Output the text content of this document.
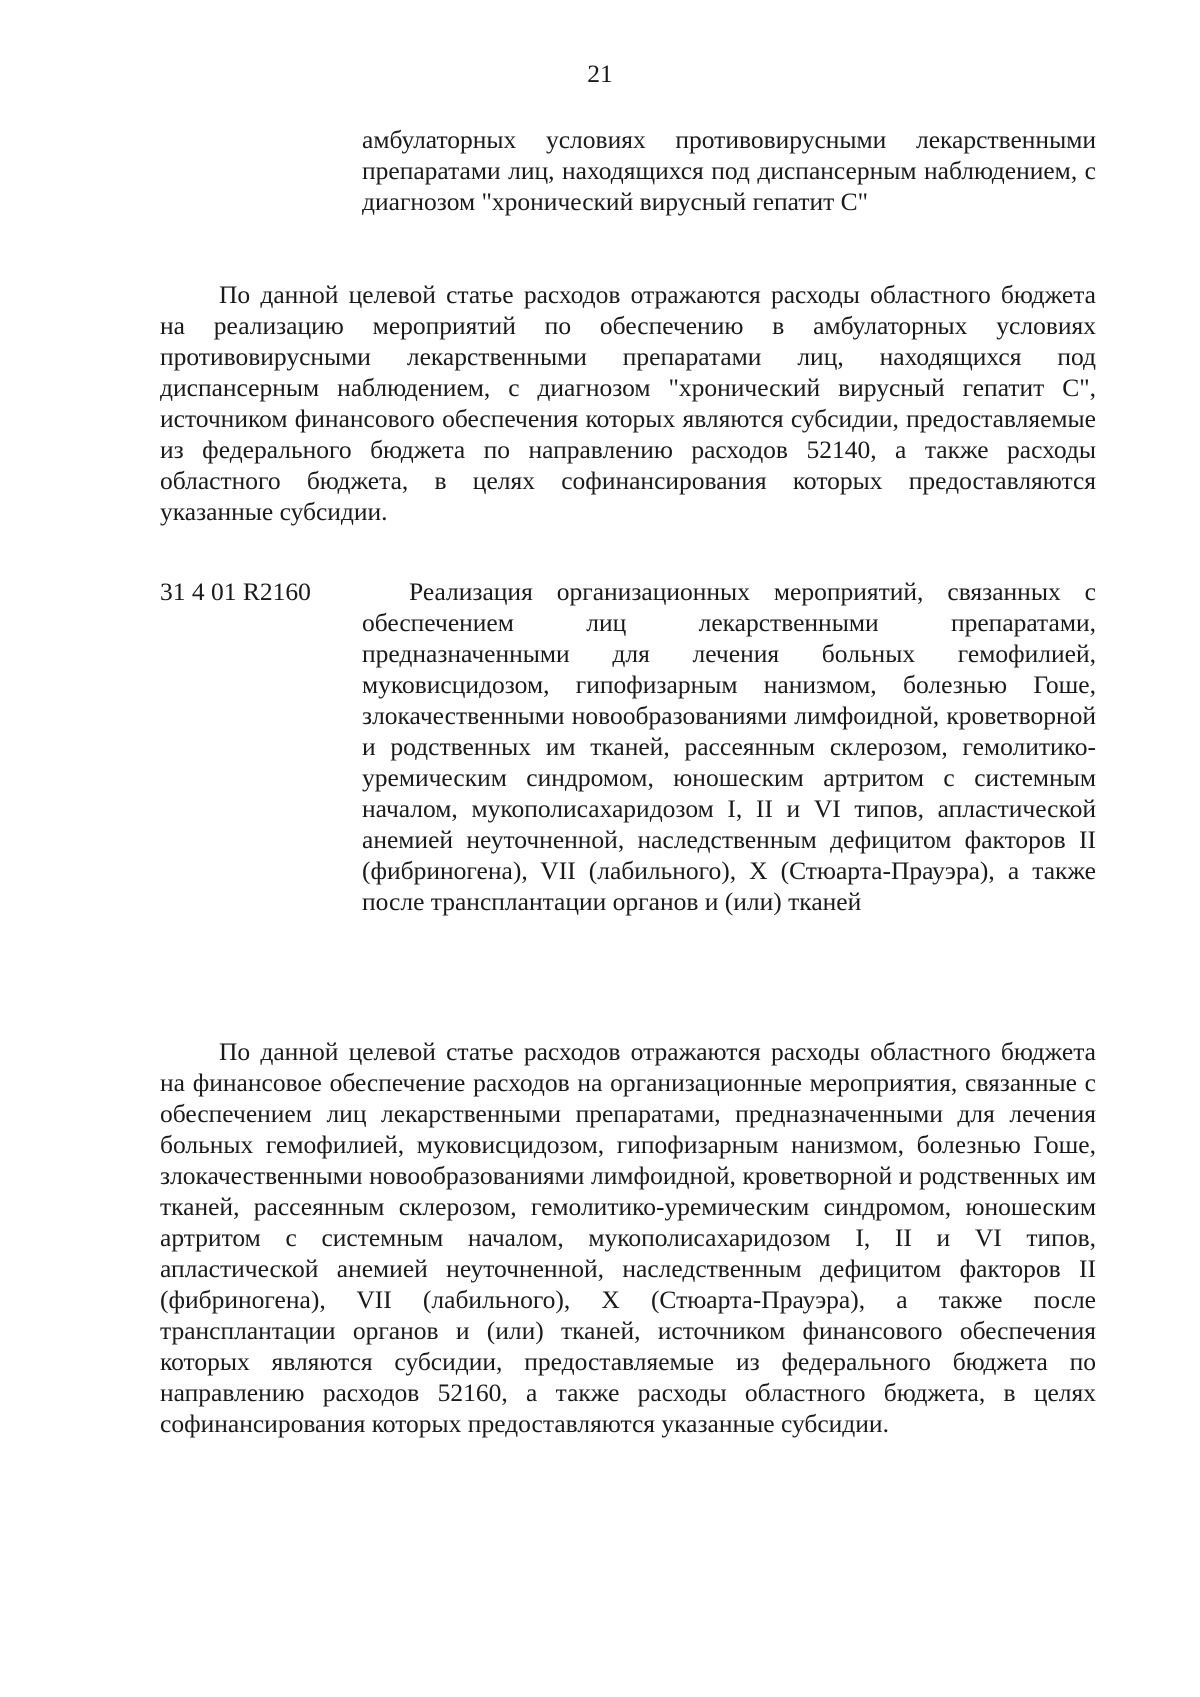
21

амбулаторных условиях противовирусными лекарственными препаратами лиц, находящихся под диспансерным наблюдением, с диагнозом "хронический вирусный гепатит С"

По данной целевой статье расходов отражаются расходы областного бюджета на реализацию мероприятий по обеспечению в амбулаторных условиях противовирусными лекарственными препаратами лиц, находящихся под диспансерным наблюдением, с диагнозом "хронический вирусный гепатит С", источником финансового обеспечения которых являются субсидии, предоставляемые из федерального бюджета по направлению расходов 52140, а также расходы областного бюджета, в целях софинансирования которых предоставляются указанные субсидии.

31 4 01 R2160	Реализация организационных мероприятий, связанных с обеспечением лиц лекарственными препаратами, предназначенными для лечения больных гемофилией, муковисцидозом, гипофизарным нанизмом, болезнью Гоше, злокачественными новообразованиями лимфоидной, кроветворной и родственных им тканей, рассеянным склерозом, гемолитико-уремическим синдромом, юношеским артритом с системным началом, мукополисахаридозом I, II и VI типов, апластической анемией неуточненной, наследственным дефицитом факторов II (фибриногена), VII (лабильного), X (Стюарта-Прауэра), а также после трансплантации органов и (или) тканей

По данной целевой статье расходов отражаются расходы областного бюджета на финансовое обеспечение расходов на организационные мероприятия, связанные с обеспечением лиц лекарственными препаратами, предназначенными для лечения больных гемофилией, муковисцидозом, гипофизарным нанизмом, болезнью Гоше, злокачественными новообразованиями лимфоидной, кроветворной и родственных им тканей, рассеянным склерозом, гемолитико-уремическим синдромом, юношеским артритом с системным началом, мукополисахаридозом I, II и VI типов, апластической анемией неуточненной, наследственным дефицитом факторов II (фибриногена), VII (лабильного), X (Стюарта-Прауэра), а также после трансплантации органов и (или) тканей, источником финансового обеспечения которых являются субсидии, предоставляемые из федерального бюджета по направлению расходов 52160, а также расходы областного бюджета, в целях софинансирования которых предоставляются указанные субсидии.
